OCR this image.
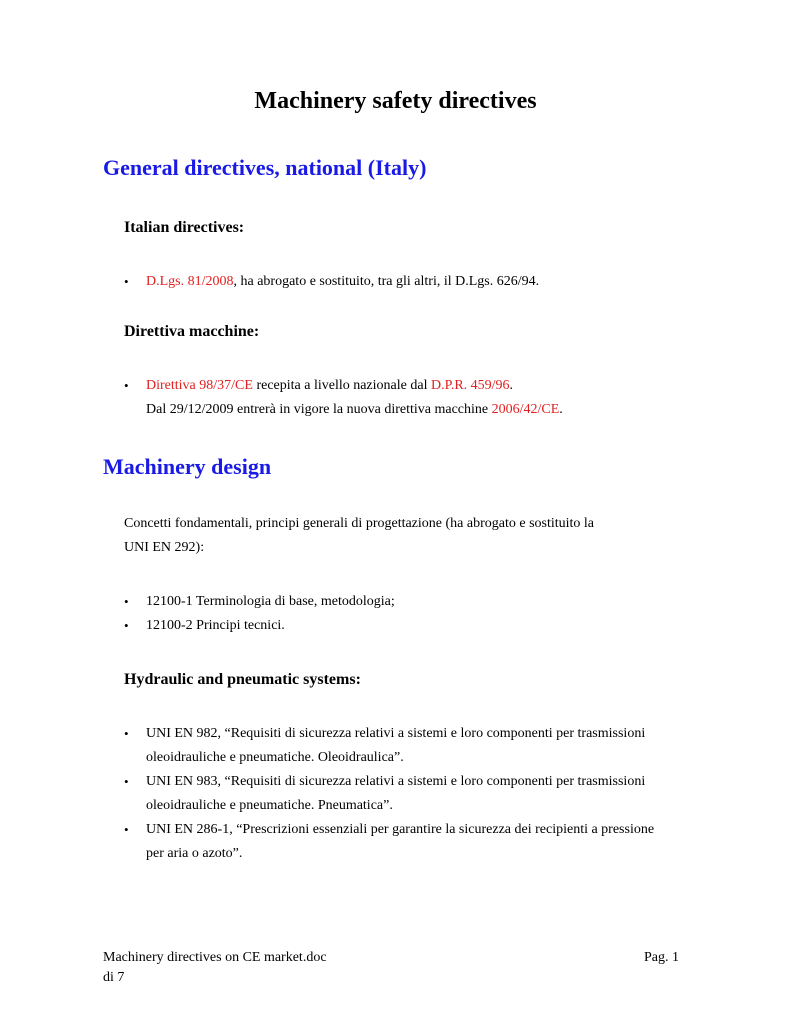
Machinery safety directives
General directives, national (Italy)
Italian directives:
•	D.Lgs. 81/2008, ha abrogato e sostituito, tra gli altri, il D.Lgs. 626/94.
Direttiva macchine:
•	Direttiva 98/37/CE recepita a livello nazionale dal D.P.R. 459/96.
Dal 29/12/2009 entrerà in vigore la nuova direttiva macchine 2006/42/CE.
Machinery design

Concetti fondamentali, principi generali di progettazione (ha abrogato e sostituito la
UNI EN 292):

•	12100-1 Terminologia di base, metodologia;
•	12100-2 Principi tecnici.
Hydraulic and pneumatic systems:
•	UNI EN 982, “Requisiti di sicurezza relativi a sistemi e loro componenti per trasmissioni
oleoidrauliche e pneumatiche. Oleoidraulica”.
•	UNI EN 983, “Requisiti di sicurezza relativi a sistemi e loro componenti per trasmissioni
oleoidrauliche e pneumatiche. Pneumatica”.
•	UNI EN 286-1, “Prescrizioni essenziali per garantire la sicurezza dei recipienti a pressione
per aria o azoto”.
Machinery directives on CE market.doc
di 7
Pag. 1
